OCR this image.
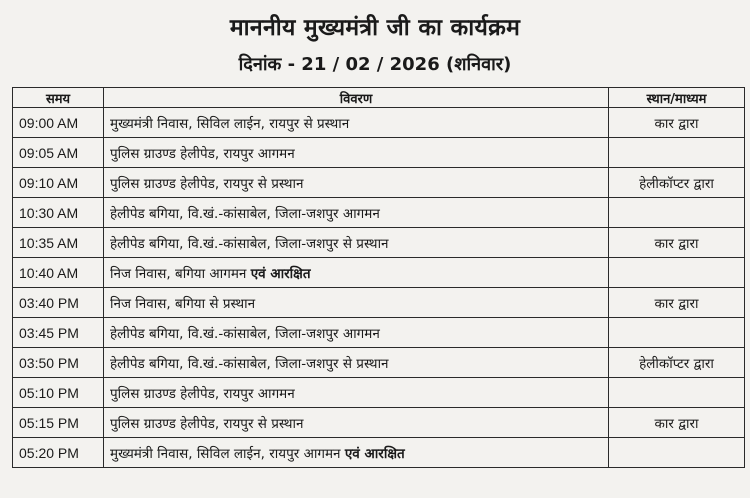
माननीय मुख्यमंत्री जी का कार्यक्रम
दिनांक - 21 / 02 / 2026 (शनिवार)
समय	विवरण	स्थान/माध्यम
09:00 AM	मुख्यमंत्री निवास, सिविल लाईन, रायपुर से प्रस्थान	कार द्वारा
09:05 AM	पुलिस ग्राउण्ड हेलीपेड, रायपुर आगमन	
09:10 AM	पुलिस ग्राउण्ड हेलीपेड, रायपुर से प्रस्थान	हेलीकॉप्टर द्वारा
10:30 AM	हेलीपेड बगिया, वि.खं.-कांसाबेल, जिला-जशपुर आगमन	
10:35 AM	हेलीपेड बगिया, वि.खं.-कांसाबेल, जिला-जशपुर से प्रस्थान	कार द्वारा
10:40 AM	निज निवास, बगिया आगमन एवं आरक्षित	
03:40 PM	निज निवास, बगिया से प्रस्थान	कार द्वारा
03:45 PM	हेलीपेड बगिया, वि.खं.-कांसाबेल, जिला-जशपुर आगमन	
03:50 PM	हेलीपेड बगिया, वि.खं.-कांसाबेल, जिला-जशपुर से प्रस्थान	हेलीकॉप्टर द्वारा
05:10 PM	पुलिस ग्राउण्ड हेलीपेड, रायपुर आगमन	
05:15 PM	पुलिस ग्राउण्ड हेलीपेड, रायपुर से प्रस्थान	कार द्वारा
05:20 PM	मुख्यमंत्री निवास, सिविल लाईन, रायपुर आगमन एवं आरक्षित	
